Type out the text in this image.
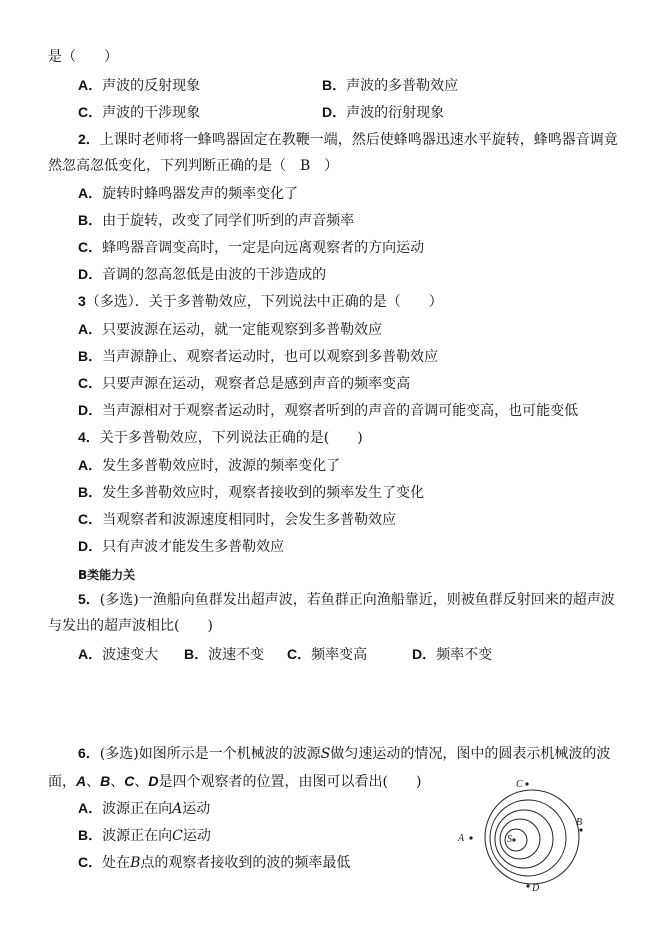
是（　　）
A．声波的反射现象	B．声波的多普勒效应
C．声波的干涉现象	D．声波的衍射现象
2．上课时老师将一蜂鸣器固定在教鞭一端，然后使蜂鸣器迅速水平旋转，蜂鸣器音调竟
然忽高忽低变化，下列判断正确的是（　B　）
A．旋转时蜂鸣器发声的频率变化了
B．由于旋转，改变了同学们听到的声音频率
C．蜂鸣器音调变高时，一定是向远离观察者的方向运动
D．音调的忽高忽低是由波的干涉造成的
3（多选）．关于多普勒效应，下列说法中正确的是（　　）
A．只要波源在运动，就一定能观察到多普勒效应
B．当声源静止、观察者运动时，也可以观察到多普勒效应
C．只要声源在运动，观察者总是感到声音的频率变高
D．当声源相对于观察者运动时，观察者听到的声音的音调可能变高，也可能变低
4．关于多普勒效应，下列说法正确的是(　　)
A．发生多普勒效应时，波源的频率变化了
B．发生多普勒效应时，观察者接收到的频率发生了变化
C．当观察者和波源速度相同时，会发生多普勒效应
D．只有声波才能发生多普勒效应
B类能力关
5．(多选)一渔船向鱼群发出超声波，若鱼群正向渔船靠近，则被鱼群反射回来的超声波
与发出的超声波相比(　　)
A．波速变大 B．波速不变 C．频率变高	D．频率不变
6．(多选)如图所示是一个机械波的波源S做匀速运动的情况，图中的圆表示机械波的波
面，A、B、C、D是四个观察者的位置，由图可以看出(　　)
A．波源正在向A运动
B．波源正在向C运动
C．处在B点的观察者接收到的波的频率最低
S
C
A
B
D
